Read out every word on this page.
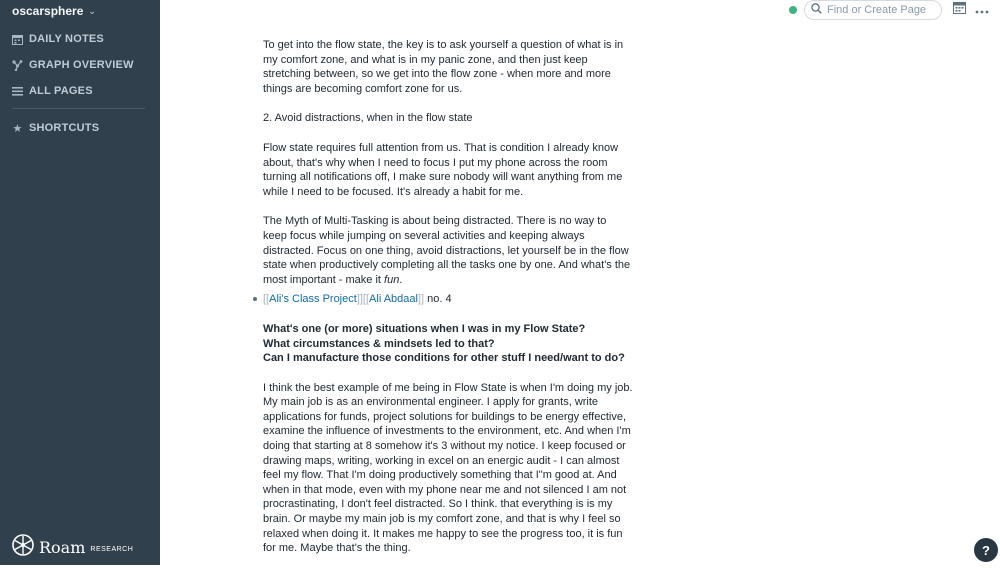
oscarsphere ⌄
DAILY NOTES
GRAPH OVERVIEW
ALL PAGES
★ SHORTCUTS
Roam RESEARCH
Find or Create Page

To get into the flow state, the key is to ask yourself a question of what is in my comfort zone, and what is in my panic zone, and then just keep stretching between, so we get into the flow zone - when more and more things are becoming comfort zone for us.

2. Avoid distractions, when in the flow state

Flow state requires full attention from us. That is condition I already know about, that's why when I need to focus I put my phone across the room turning all notifications off, I make sure nobody will want anything from me while I need to be focused. It's already a habit for me.

The Myth of Multi-Tasking is about being distracted. There is no way to keep focus while jumping on several activities and keeping always distracted. Focus on one thing, avoid distractions, let yourself be in the flow state when productively completing all the tasks one by one. And what's the most important - make it fun.

[[Ali's Class Project]][[Ali Abdaal]] no. 4

What's one (or more) situations when I was in my Flow State?
What circumstances & mindsets led to that?
Can I manufacture those conditions for other stuff I need/want to do?

I think the best example of me being in Flow State is when I'm doing my job. My main job is as an environmental engineer. I apply for grants, write applications for funds, project solutions for buildings to be energy effective, examine the influence of investments to the environment, etc. And when I'm doing that starting at 8 somehow it's 3 without my notice. I keep focused or drawing maps, writing, working in excel on an energic audit - I can almost feel my flow. That I'm doing productively something that I"m good at. And when in that mode, even with my phone near me and not silenced I am not procrastinating, I don't feel distracted. So I think. that everything is is my brain. Or maybe my main job is my comfort zone, and that is why I feel so relaxed when doing it. It makes me happy to see the progress too, it is fun for me. Maybe that's the thing.	?
